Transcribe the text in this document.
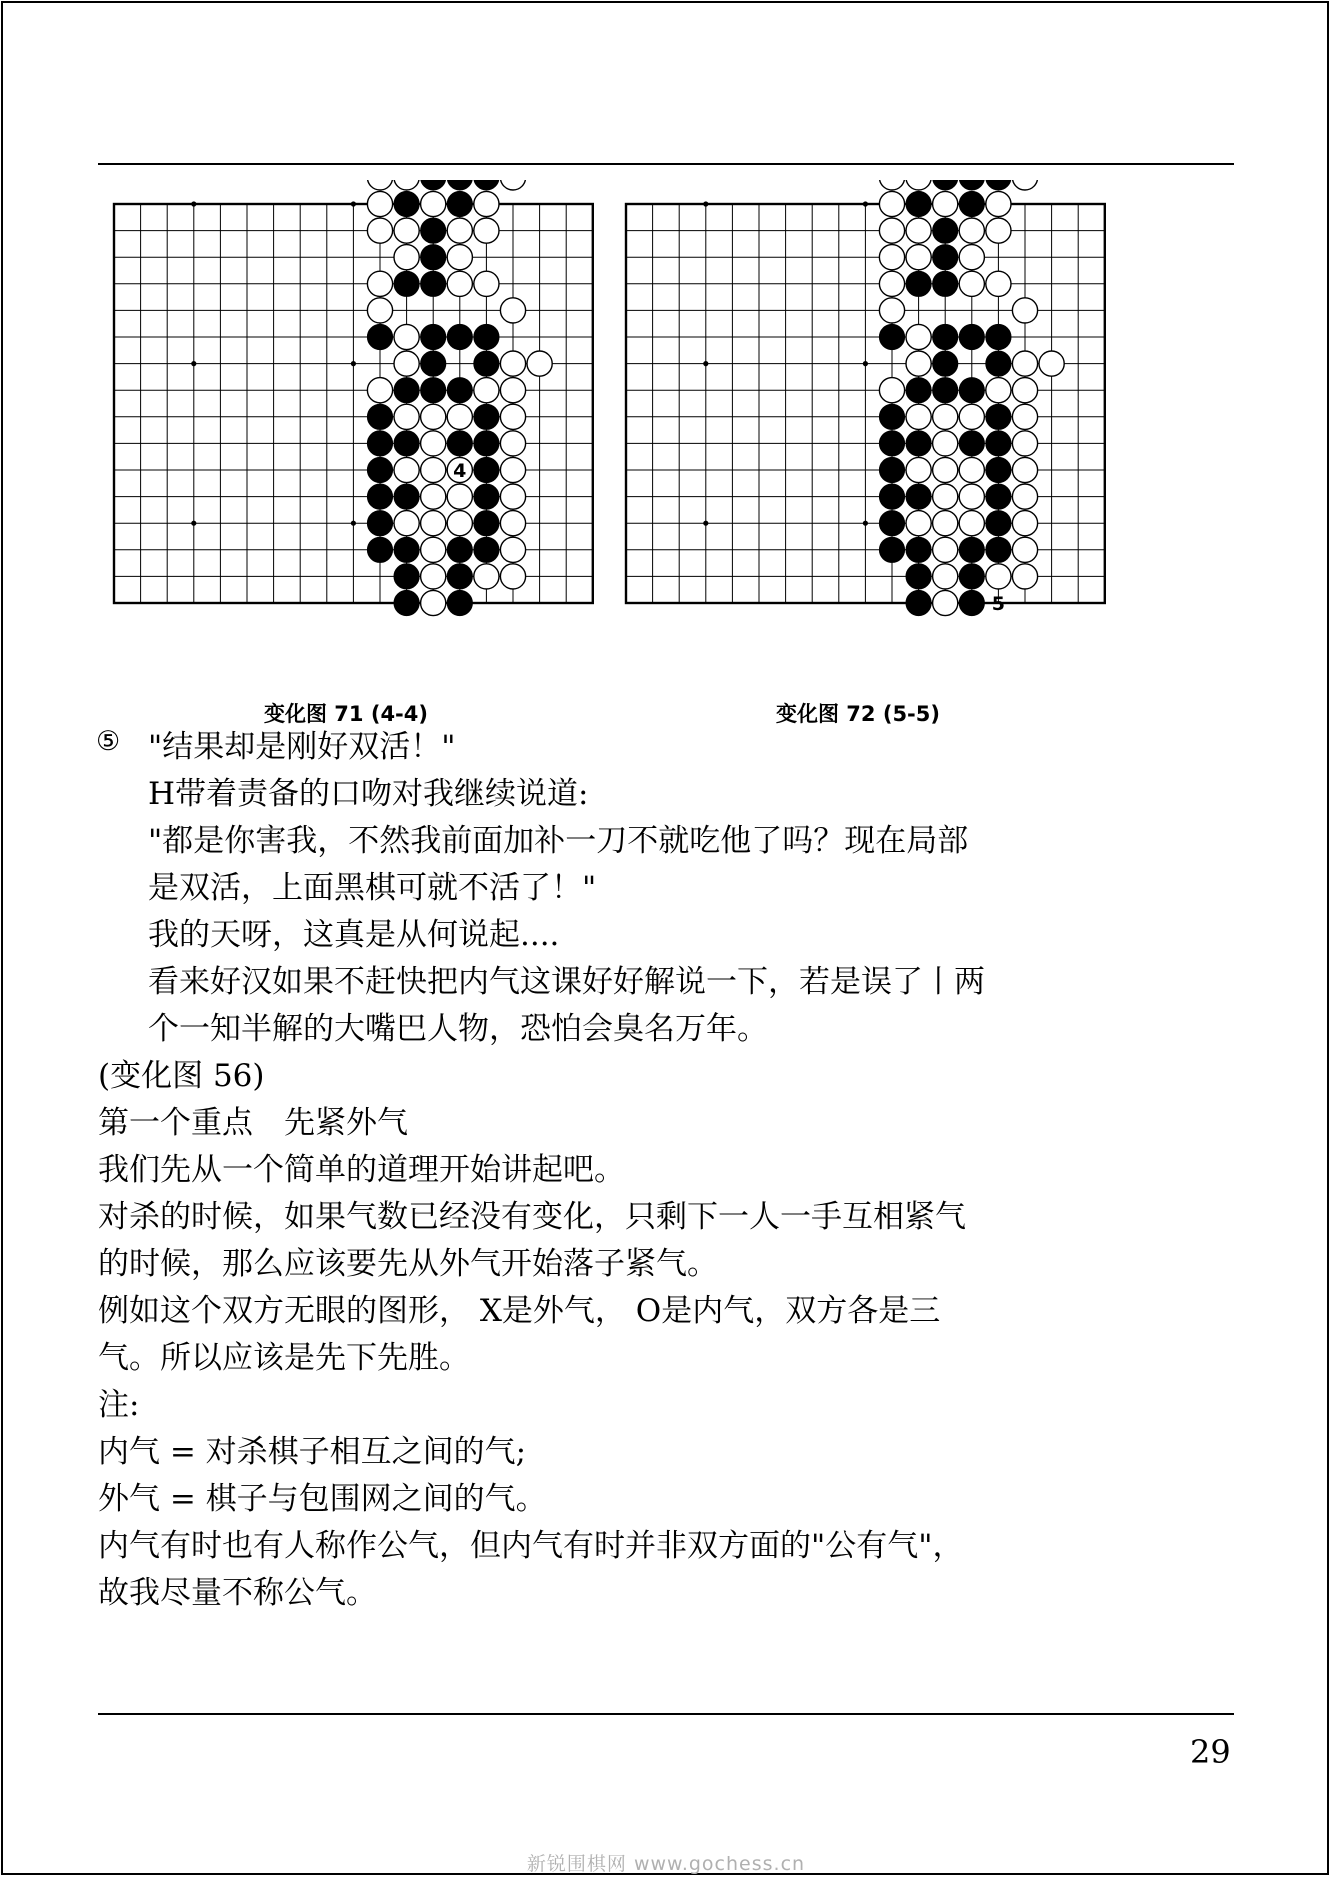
4
5
变化图 71 (4-4)	变化图 72 (5-5)
⑤ "结果却是刚好双活！"
H带着责备的口吻对我继续说道:
"都是你害我，不然我前面加补一刀不就吃他了吗？现在局部
是双活，上面黑棋可就不活了！"
我的天呀，这真是从何说起....
看来好汉如果不赶快把内气这课好好解说一下，若是误了丨两
个一知半解的大嘴巴人物，恐怕会臭名万年。
(变化图 56)
第一个重点　先紧外气
我们先从一个简单的道理开始讲起吧。
对杀的时候，如果气数已经没有变化，只剩下一人一手互相紧气
的时候，那么应该要先从外气开始落子紧气。
例如这个双方无眼的图形， X是外气， O是内气，双方各是三
气。所以应该是先下先胜。
注:
内气 = 对杀棋子相互之间的气;
外气 = 棋子与包围网之间的气。
内气有时也有人称作公气，但内气有时并非双方面的"公有气"，
故我尽量不称公气。
29
新锐围棋网 www.gochess.cn
